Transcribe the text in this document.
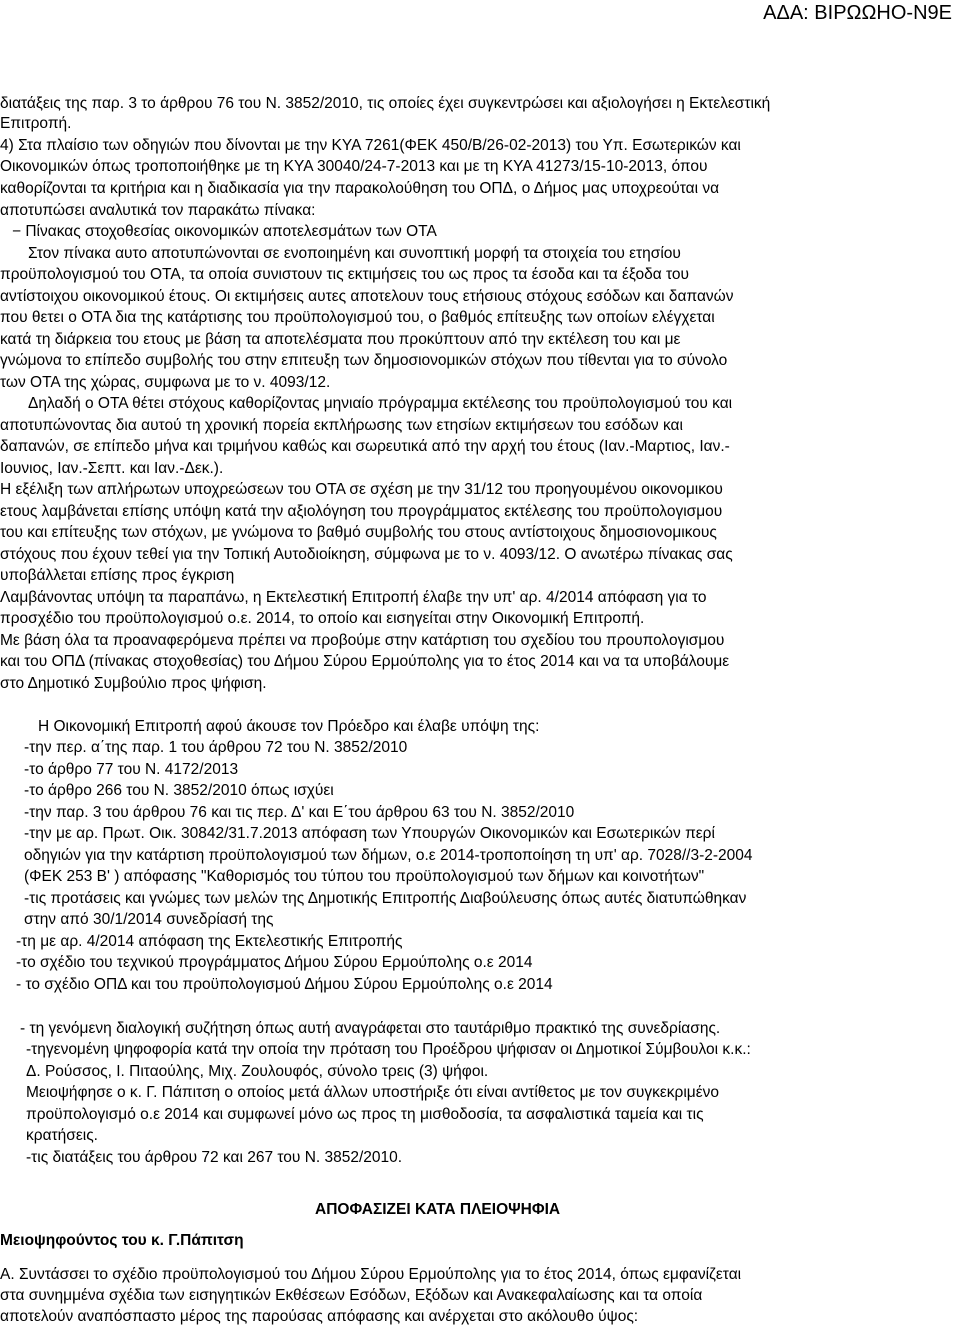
ΑΔΑ: ΒΙΡΩΩΗΟ-Ν9Ε
διατάξεις της παρ. 3 το άρθρου 76 του Ν. 3852/2010, τις οποίες έχει συγκεντρώσει και αξιολογήσει η Εκτελεστική
Επιτροπή.
4) Στα πλαίσιο των οδηγιών που δίνονται με την ΚΥΑ 7261(ΦΕΚ 450/Β/26-02-2013) του Υπ. Εσωτερικών και
Οικονομικών όπως τροποποιήθηκε με τη ΚΥΑ 30040/24-7-2013 και με τη ΚΥΑ 41273/15-10-2013, όπου
καθορίζονται τα κριτήρια και η διαδικασία για την παρακολούθηση του ΟΠΔ, ο Δήμος μας υποχρεούται να
αποτυπώσει αναλυτικά τον παρακάτω πίνακα:
− Πίνακας στοχοθεσίας οικονομικών αποτελεσμάτων των ΟΤΑ
Στον πίνακα αυτο αποτυπώνονται σε ενοποιημένη και συνοπτική μορφή τα στοιχεία του ετησίου
προϋπολογισμού του ΟΤΑ, τα οποία συνιστουν τις εκτιμήσεις του ως προς τα έσοδα και τα έξοδα του
αντίστοιχου οικονομικού έτους. Οι εκτιμήσεις αυτες αποτελουν τους ετήσιους στόχους εσόδων και δαπανών
που θετει ο ΟΤΑ δια της κατάρτισης του προϋπολογισμού του, ο βαθμός επίτευξης των οποίων ελέγχεται
κατά τη διάρκεια του ετους με βάση τα αποτελέσματα που προκύπτουν από την εκτέλεση του και με
γνώμονα το επίπεδο συμβολής του στην επιτευξη των δημοσιονομικών στόχων που τίθενται για το σύνολο
των ΟΤΑ της χώρας, συμφωνα με το ν. 4093/12.
Δηλαδή ο ΟΤΑ θέτει στόχους καθορίζοντας μηνιαίο πρόγραμμα εκτέλεσης του προϋπολογισμού του και
αποτυπώνοντας δια αυτού τη χρονική πορεία εκπλήρωσης των ετησίων εκτιμήσεων του εσόδων και
δαπανών, σε επίπεδο μήνα και τριμήνου καθώς και σωρευτικά από την αρχή του έτους (Ιαν.-Μαρτιος, Ιαν.-
Ιουνιος, Ιαν.-Σεπτ. και Ιαν.-Δεκ.).
Η εξέλιξη των απλήρωτων υποχρεώσεων του ΟΤΑ σε σχέση με την 31/12 του προηγουμένου οικονομικου
ετους λαμβάνεται επίσης υπόψη κατά την αξιολόγηση του προγράμματος εκτέλεσης του προϋπολογισμου
του και επίτευξης των στόχων, με γνώμονα το βαθμό συμβολής του στους αντίστοιχους δημοσιονομικους
στόχους που έχουν τεθεί για την Τοπική Αυτοδιοίκηση, σύμφωνα με το ν. 4093/12. Ο ανωτέρω πίνακας σας
υποβάλλεται επίσης προς έγκριση
Λαμβάνοντας υπόψη τα παραπάνω, η Εκτελεστική Επιτροπή έλαβε την υπ' αρ. 4/2014 απόφαση για το
προσχέδιο του προϋπολογισμού ο.ε. 2014, το οποίο και εισηγείται στην Οικονομική Επιτροπή.
Με βάση όλα τα προαναφερόμενα πρέπει να προβούμε στην κατάρτιση του σχεδίου του προυπολογισμου
και του ΟΠΔ (πίνακας στοχοθεσίας) του Δήμου Σύρου Ερμούπολης για το έτος 2014 και να τα υποβάλουμε
στο Δημοτικό Συμβούλιο προς ψήφιση.
Η Οικονομική Επιτροπή αφού άκουσε τον Πρόεδρο και έλαβε υπόψη της:
-την περ. α΄της παρ. 1 του άρθρου 72 του Ν. 3852/2010
-το άρθρο 77 του Ν. 4172/2013
-το άρθρο 266 του Ν. 3852/2010 όπως ισχύει
-την παρ. 3 του άρθρου 76 και τις περ. Δ' και Ε΄του άρθρου 63 του Ν. 3852/2010
-την με αρ. Πρωτ. Οικ. 30842/31.7.2013 απόφαση των Υπουργών Οικονομικών και Εσωτερικών περί
οδηγιών για την κατάρτιση προϋπολογισμού των δήμων, ο.ε 2014-τροποποίηση τη υπ' αρ. 7028//3-2-2004
(ΦΕΚ 253 Β' ) απόφασης "Καθορισμός του τύπου του προϋπολογισμού των δήμων και κοινοτήτων"
-τις προτάσεις και γνώμες των μελών της Δημοτικής Επιτροπής Διαβούλευσης όπως αυτές διατυπώθηκαν
στην από 30/1/2014 συνεδρίασή της
-τη με αρ. 4/2014 απόφαση της Εκτελεστικής Επιτροπής
-το σχέδιο του τεχνικού προγράμματος Δήμου Σύρου Ερμούπολης ο.ε 2014
- το σχέδιο ΟΠΔ και του προϋπολογισμού Δήμου Σύρου Ερμούπολης ο.ε 2014
- τη γενόμενη διαλογική συζήτηση όπως αυτή αναγράφεται στο ταυτάριθμο πρακτικό της συνεδρίασης.
-τηγενομένη ψηφοφορία κατά την οποία την πρόταση του Προέδρου ψήφισαν οι Δημοτικοί Σύμβουλοι κ.κ.:
Δ. Ρούσσος, Ι. Πιταούλης, Μιχ. Ζουλουφός, σύνολο τρεις (3) ψήφοι.
Μειοψήφησε ο κ. Γ. Πάπιτση ο οποίος μετά άλλων υποστήριξε ότι είναι αντίθετος με τον συγκεκριμένο
προϋπολογισμό ο.ε 2014 και συμφωνεί μόνο ως προς τη μισθοδοσία, τα ασφαλιστικά ταμεία και τις
κρατήσεις.
-τις διατάξεις του άρθρου 72 και 267 του Ν. 3852/2010.
ΑΠΟΦΑΣΙΖΕΙ ΚΑΤΑ ΠΛΕΙΟΨΗΦΙΑ
Μειοψηφούντος του κ. Γ.Πάπιτση
Α. Συντάσσει το σχέδιο προϋπολογισμού του Δήμου Σύρου Ερμούπολης για το έτος 2014, όπως εμφανίζεται
στα συνημμένα σχέδια των εισηγητικών Εκθέσεων Εσόδων, Εξόδων και Ανακεφαλαίωσης και τα οποία
αποτελούν αναπόσπαστο μέρος της παρούσας απόφασης και ανέρχεται στο ακόλουθο ύψος:
